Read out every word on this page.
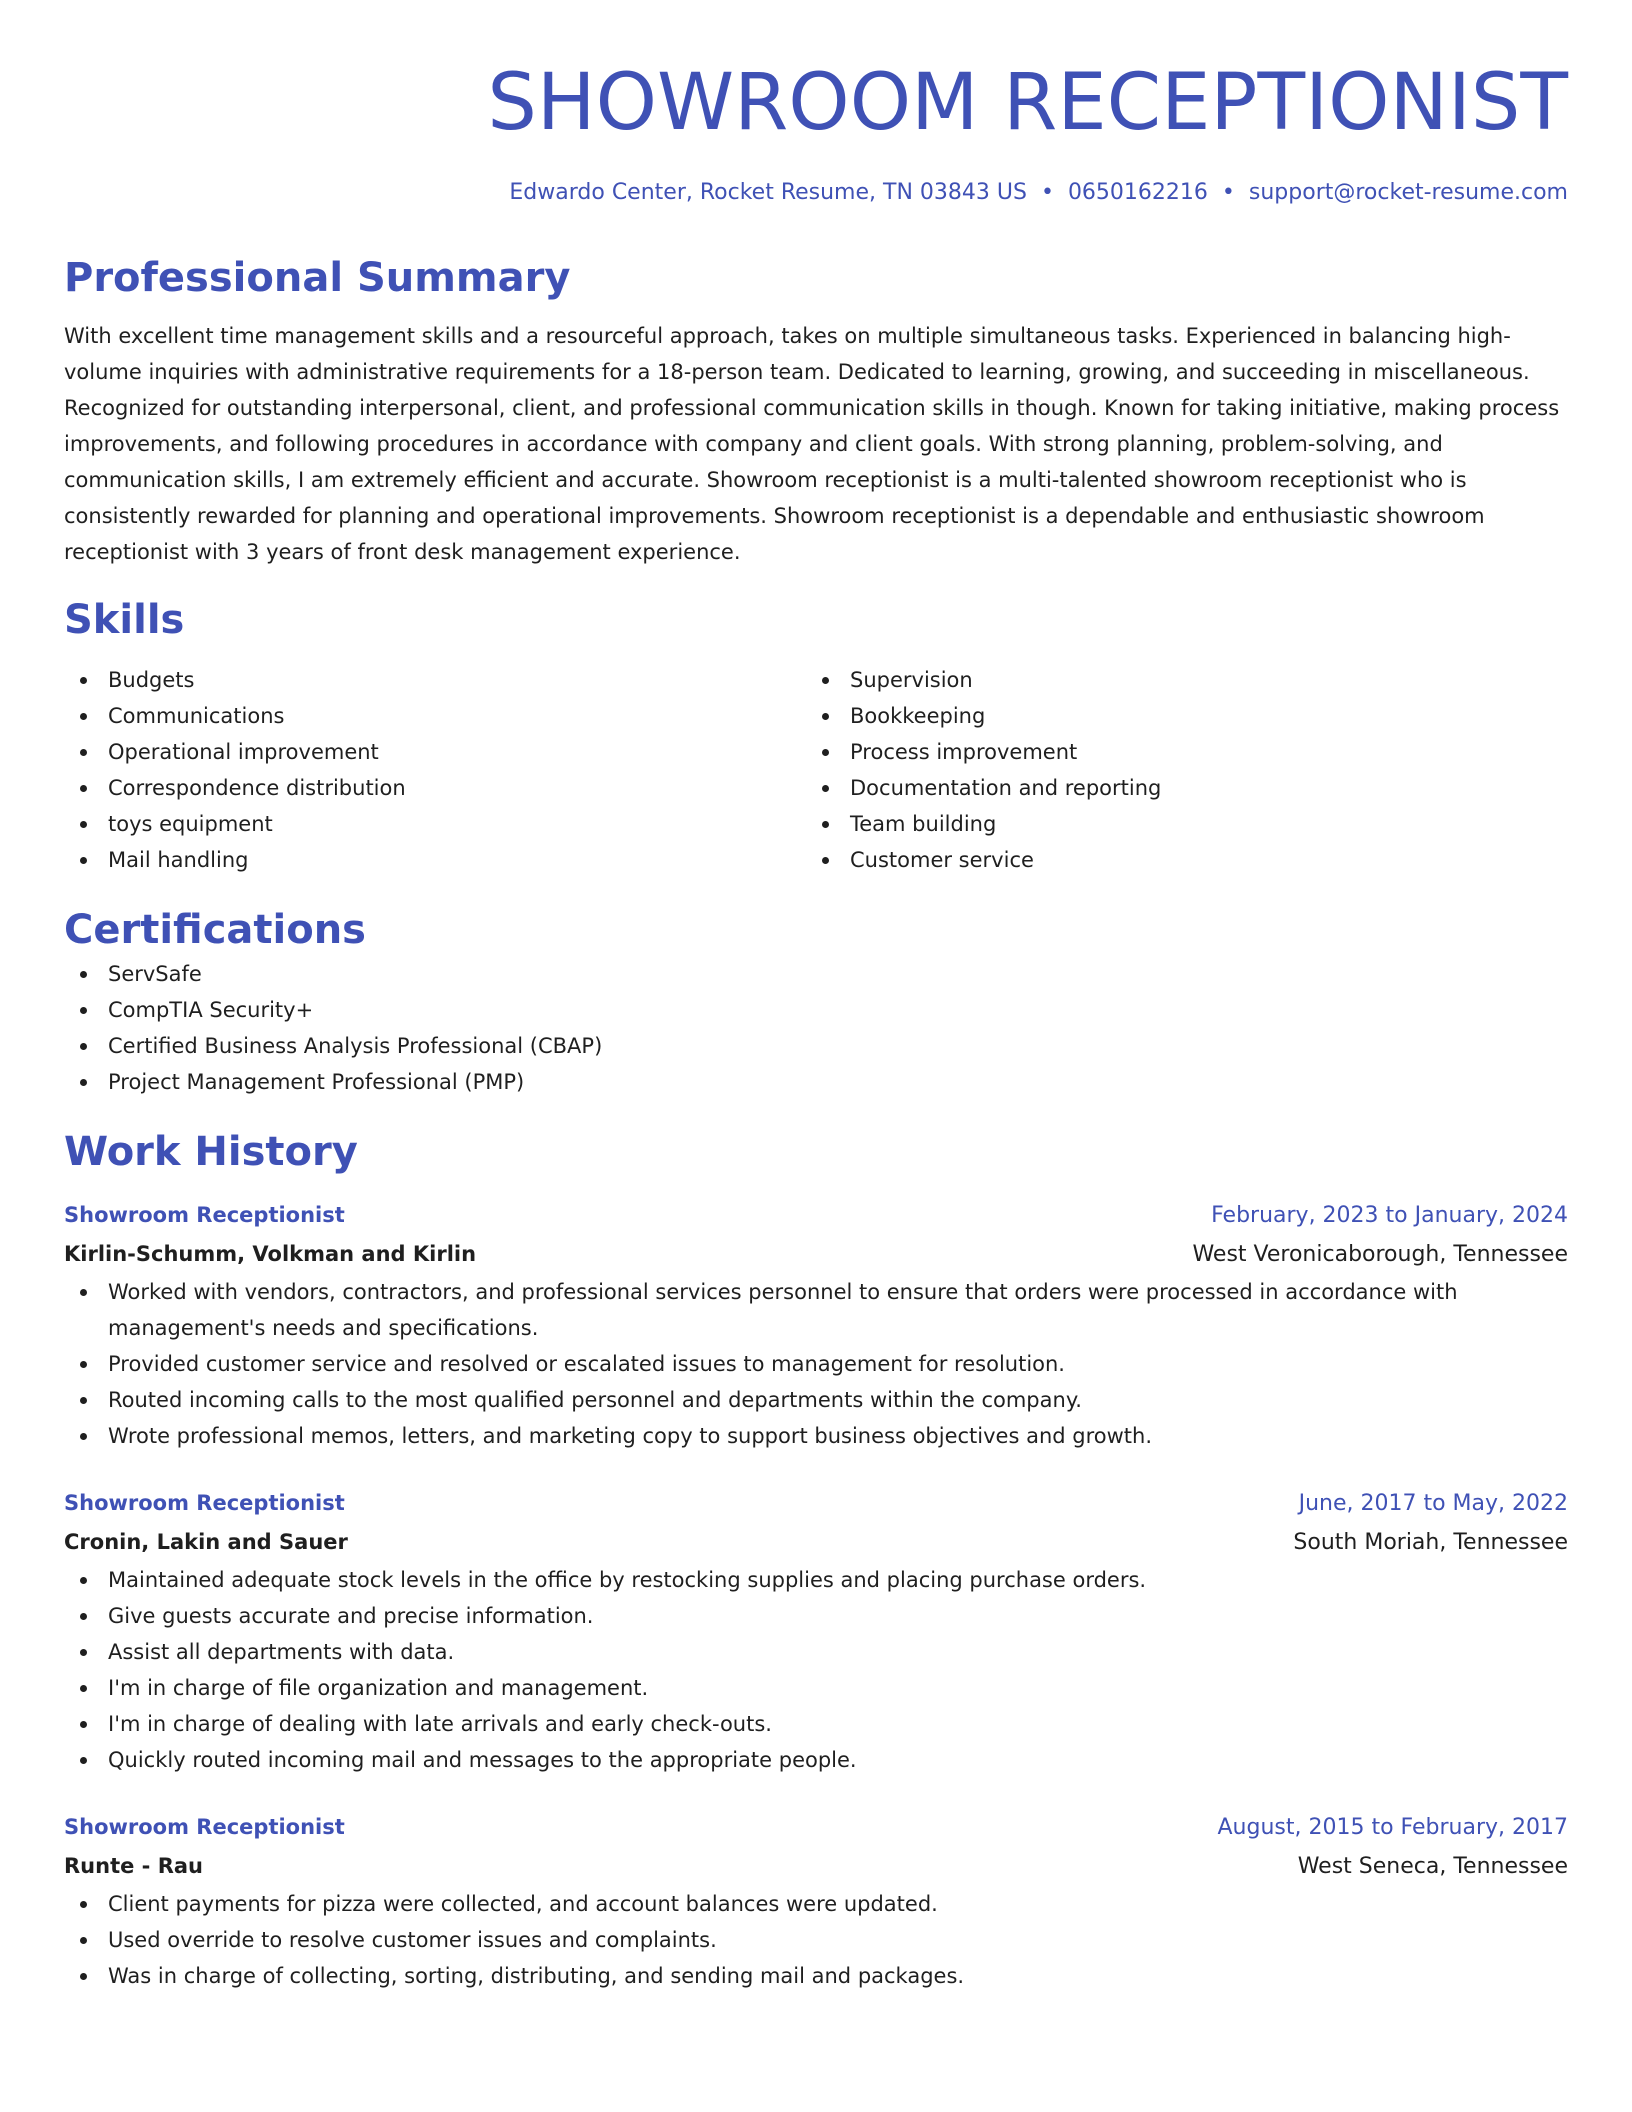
SHOWROOM RECEPTIONIST
Edwardo Center, Rocket Resume, TN 03843 US • 0650162216 • support@rocket-resume.com
Professional Summary
With excellent time management skills and a resourceful approach, takes on multiple simultaneous tasks. Experienced in balancing high-volume inquiries with administrative requirements for a 18-person team. Dedicated to learning, growing, and succeeding in miscellaneous. Recognized for outstanding interpersonal, client, and professional communication skills in though. Known for taking initiative, making process improvements, and following procedures in accordance with company and client goals. With strong planning, problem-solving, and communication skills, I am extremely efficient and accurate. Showroom receptionist is a multi-talented showroom receptionist who is consistently rewarded for planning and operational improvements. Showroom receptionist is a dependable and enthusiastic showroom receptionist with 3 years of front desk management experience.
Skills
Budgets
Communications
Operational improvement
Correspondence distribution
toys equipment
Mail handling
Supervision
Bookkeeping
Process improvement
Documentation and reporting
Team building
Customer service
Certifications
ServSafe
CompTIA Security+
Certified Business Analysis Professional (CBAP)
Project Management Professional (PMP)
Work History
Showroom Receptionist	February, 2023 to January, 2024
Kirlin-Schumm, Volkman and Kirlin	West Veronicaborough, Tennessee
Worked with vendors, contractors, and professional services personnel to ensure that orders were processed in accordance with management's needs and specifications.
Provided customer service and resolved or escalated issues to management for resolution.
Routed incoming calls to the most qualified personnel and departments within the company.
Wrote professional memos, letters, and marketing copy to support business objectives and growth.
Showroom Receptionist	June, 2017 to May, 2022
Cronin, Lakin and Sauer	South Moriah, Tennessee
Maintained adequate stock levels in the office by restocking supplies and placing purchase orders.
Give guests accurate and precise information.
Assist all departments with data.
I'm in charge of file organization and management.
I'm in charge of dealing with late arrivals and early check-outs.
Quickly routed incoming mail and messages to the appropriate people.
Showroom Receptionist	August, 2015 to February, 2017
Runte - Rau	West Seneca, Tennessee
Client payments for pizza were collected, and account balances were updated.
Used override to resolve customer issues and complaints.
Was in charge of collecting, sorting, distributing, and sending mail and packages.
